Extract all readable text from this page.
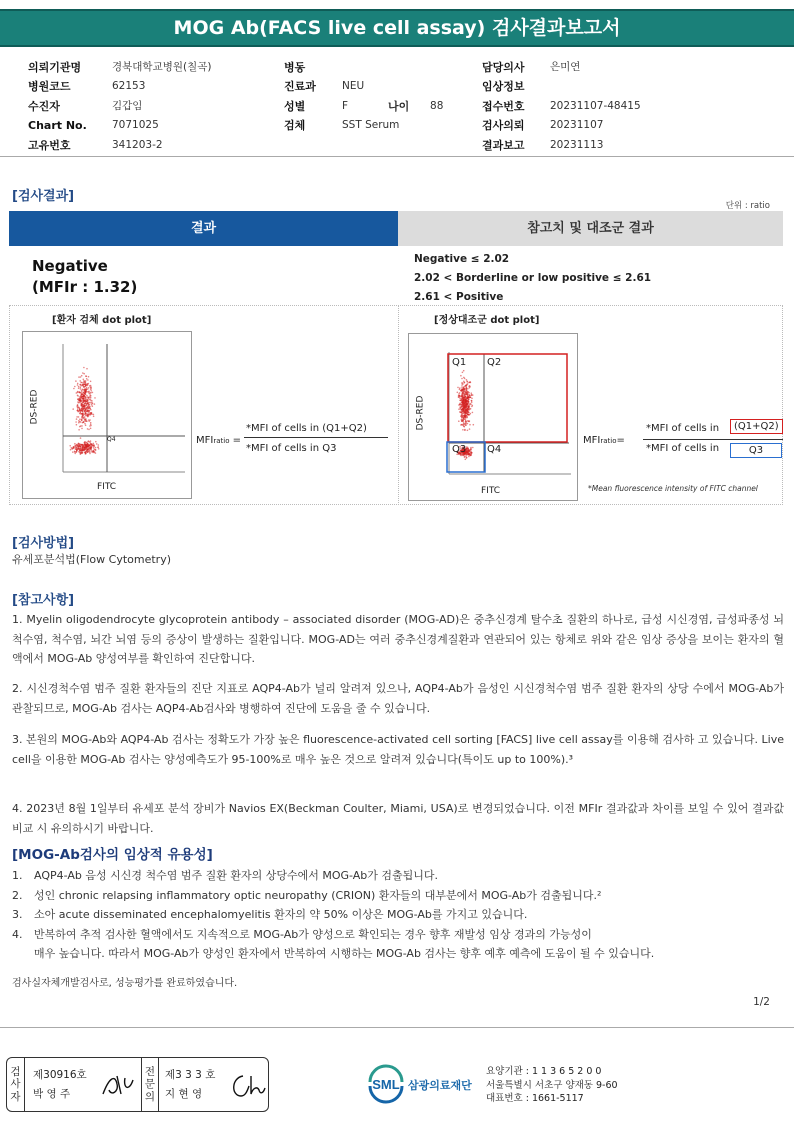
MOG Ab(FACS live cell assay) 검사결과보고서
의뢰기관명	경북대학교병원(칠곡)
병원코드	62153
수진자	김갑임
Chart No.	7071025
고유번호	341203-2
병동
진료과	NEU
성별	F	나이	88
검체	SST Serum
담당의사	은미연
임상정보
접수번호	20231107-48415
검사의뢰	20231107
결과보고	20231113
[검사결과]
단위 : ratio
결과	참고치 및 대조군 결과
Negative
(MFIr : 1.32)
Negative ≤ 2.02
2.02 < Borderline or low positive ≤ 2.61
2.61 < Positive
[환자 검체 dot plot]	[정상대조군 dot plot]
DS-RED
FITC
Q4
Q1 Q2
Q3 Q4
DS-RED
FITC
MFIratio =
*MFI of cells in (Q1+Q2)
*MFI of cells in Q3
MFIratio=
*MFI of cells in	(Q1+Q2)
*MFI of cells in	Q3
*Mean fluorescence intensity of FITC channel
[검사방법]
유세포분석법(Flow Cytometry)
[참고사항]
1. Myelin oligodendrocyte glycoprotein antibody – associated disorder (MOG-AD)은 중추신경계 탈수초 질환의 하나로, 급성 시신경염, 급성파종성 뇌척수염, 척수염, 뇌간 뇌염 등의 증상이 발생하는 질환입니다. MOG-AD는 여러 중추신경계질환과 연관되어 있는 항체로 위와 같은 임상 증상을 보이는 환자의 혈액에서 MOG-Ab 양성여부를 확인하여 진단합니다.
2. 시신경척수염 범주 질환 환자들의 진단 지표로 AQP4-Ab가 널리 알려져 있으나, AQP4-Ab가 음성인 시신경척수염 범주 질환 환자의 상당 수에서 MOG-Ab가 관찰되므로, MOG-Ab 검사는 AQP4-Ab검사와 병행하여 진단에 도움을 줄 수 있습니다.
3. 본원의 MOG-Ab와 AQP4-Ab 검사는 정확도가 가장 높은 fluorescence-activated cell sorting [FACS] live cell assay를 이용해 검사하 고 있습니다. Live cell을 이용한 MOG-Ab 검사는 양성예측도가 95-100%로 매우 높은 것으로 알려져 있습니다(특이도 up to 100%).³
4. 2023년 8월 1일부터 유세포 분석 장비가 Navios EX(Beckman Coulter, Miami, USA)로 변경되었습니다. 이전 MFIr 결과값과 차이를 보일 수 있어 결과값 비교 시 유의하시기 바랍니다.
[MOG-Ab검사의 임상적 유용성]
1. AQP4-Ab 음성 시신경 척수염 범주 질환 환자의 상당수에서 MOG-Ab가 검출됩니다.
2. 성인 chronic relapsing inflammatory optic neuropathy (CRION) 환자들의 대부분에서 MOG-Ab가 검출됩니다.²
3. 소아 acute disseminated encephalomyelitis 환자의 약 50% 이상은 MOG-Ab를 가지고 있습니다.
4. 반복하여 추적 검사한 혈액에서도 지속적으로 MOG-Ab가 양성으로 확인되는 경우 향후 재발성 임상 경과의 가능성이
매우 높습니다. 따라서 MOG-Ab가 양성인 환자에서 반복하여 시행하는 MOG-Ab 검사는 향후 예후 예측에 도움이 될 수 있습니다.
검사실자체개발검사로, 성능평가를 완료하였습니다.
1/2
검
사
자
제30916호
박 영 주
전
문
의
제3 3 3 호
지 현 영
SML 삼광의료재단
요양기관 : 1 1 3 6 5 2 0 0
서울특별시 서초구 양재동 9-60
대표번호 : 1661-5117
